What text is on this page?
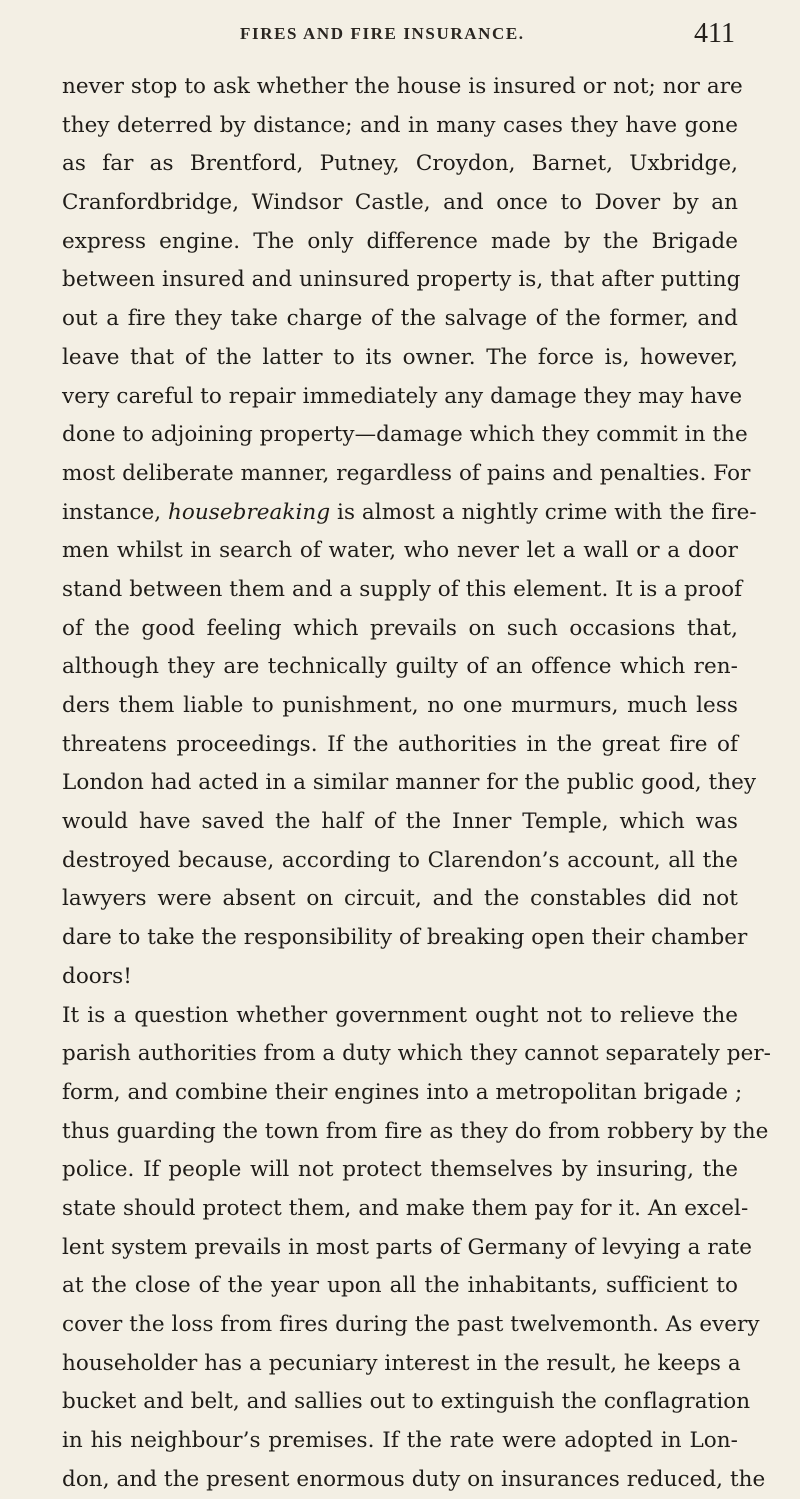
FIRES AND FIRE INSURANCE.	411
never stop to ask whether the house is insured or not; nor are
they deterred by distance; and in many cases they have gone
as far as Brentford, Putney, Croydon, Barnet, Uxbridge,
Cranfordbridge, Windsor Castle, and once to Dover by an
express engine. The only difference made by the Brigade
between insured and uninsured property is, that after putting
out a fire they take charge of the salvage of the former, and
leave that of the latter to its owner. The force is, however,
very careful to repair immediately any damage they may have
done to adjoining property—damage which they commit in the
most deliberate manner, regardless of pains and penalties. For
instance, housebreaking is almost a nightly crime with the fire-
men whilst in search of water, who never let a wall or a door
stand between them and a supply of this element. It is a proof
of the good feeling which prevails on such occasions that,
although they are technically guilty of an offence which ren-
ders them liable to punishment, no one murmurs, much less
threatens proceedings. If the authorities in the great fire of
London had acted in a similar manner for the public good, they
would have saved the half of the Inner Temple, which was
destroyed because, according to Clarendon’s account, all the
lawyers were absent on circuit, and the constables did not
dare to take the responsibility of breaking open their chamber
doors!
It is a question whether government ought not to relieve the
parish authorities from a duty which they cannot separately per-
form, and combine their engines into a metropolitan brigade ;
thus guarding the town from fire as they do from robbery by the
police. If people will not protect themselves by insuring, the
state should protect them, and make them pay for it. An excel-
lent system prevails in most parts of Germany of levying a rate
at the close of the year upon all the inhabitants, sufficient to
cover the loss from fires during the past twelvemonth. As every
householder has a pecuniary interest in the result, he keeps a
bucket and belt, and sallies out to extinguish the conflagration
in his neighbour’s premises. If the rate were adopted in Lon-
don, and the present enormous duty on insurances reduced, the
